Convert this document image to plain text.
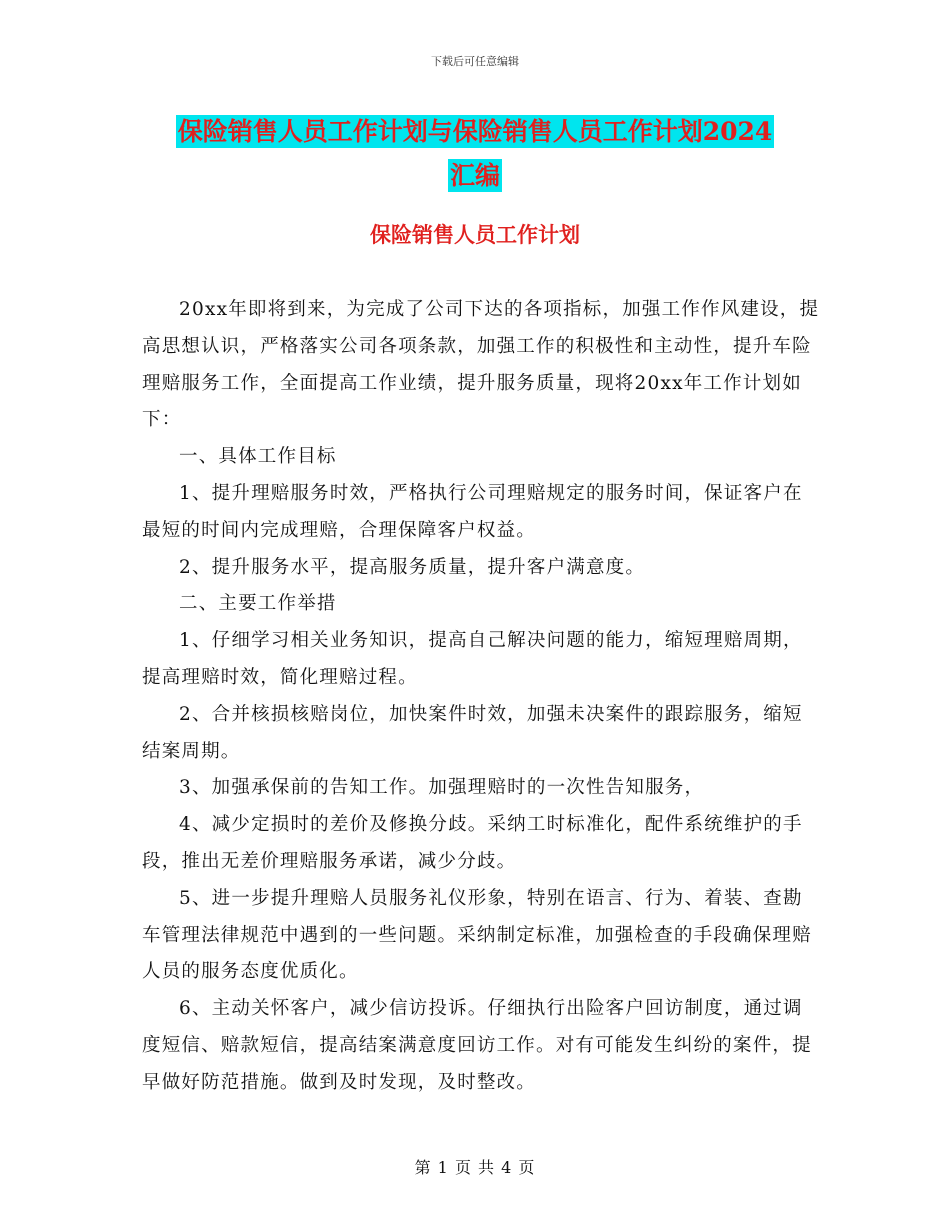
下载后可任意编辑
保险销售人员工作计划与保险销售人员工作计划2024
汇编
保险销售人员工作计划

20xx年即将到来，为完成了公司下达的各项指标，加强工作作风建设，提高思想认识，严格落实公司各项条款，加强工作的积极性和主动性，提升车险理赔服务工作，全面提高工作业绩，提升服务质量，现将20xx年工作计划如下：

一、具体工作目标

1、提升理赔服务时效，严格执行公司理赔规定的服务时间，保证客户在最短的时间内完成理赔，合理保障客户权益。

2、提升服务水平，提高服务质量，提升客户满意度。

二、主要工作举措

1、仔细学习相关业务知识，提高自己解决问题的能力，缩短理赔周期，提高理赔时效，简化理赔过程。

2、合并核损核赔岗位，加快案件时效，加强未决案件的跟踪服务，缩短结案周期。

3、加强承保前的告知工作。加强理赔时的一次性告知服务，

4、减少定损时的差价及修换分歧。采纳工时标准化，配件系统维护的手段，推出无差价理赔服务承诺，减少分歧。

5、进一步提升理赔人员服务礼仪形象，特别在语言、行为、着装、查勘车管理法律规范中遇到的一些问题。采纳制定标准，加强检查的手段确保理赔人员的服务态度优质化。

6、主动关怀客户，减少信访投诉。仔细执行出险客户回访制度，通过调度短信、赔款短信，提高结案满意度回访工作。对有可能发生纠纷的案件，提早做好防范措施。做到及时发现，及时整改。

第 1 页 共 4 页
